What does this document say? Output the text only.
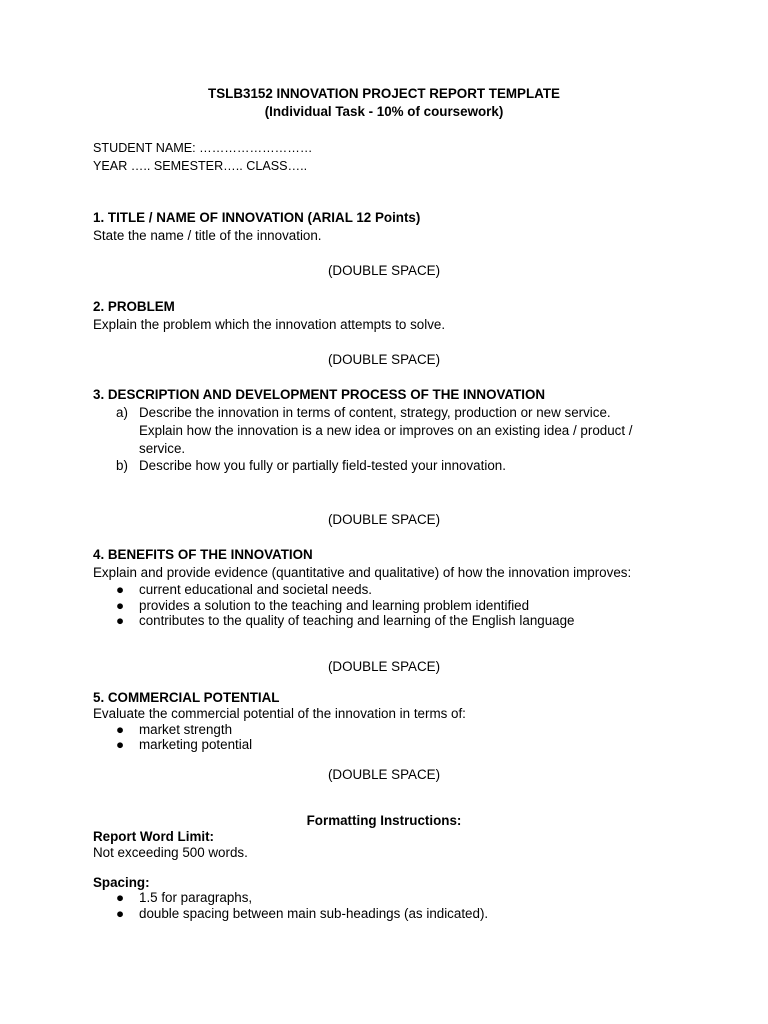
TSLB3152 INNOVATION PROJECT REPORT TEMPLATE
(Individual Task - 10% of coursework)
STUDENT NAME: ………………………
YEAR ….. SEMESTER….. CLASS…..
1. TITLE / NAME OF INNOVATION (ARIAL 12 Points)
State the name / title of the innovation.
(DOUBLE SPACE)
2. PROBLEM
Explain the problem which the innovation attempts to solve.
(DOUBLE SPACE)
3. DESCRIPTION AND DEVELOPMENT PROCESS OF THE INNOVATION
a) Describe the innovation in terms of content, strategy, production or new service.
Explain how the innovation is a new idea or improves on an existing idea / product /
service.
b) Describe how you fully or partially field-tested your innovation.
(DOUBLE SPACE)
4. BENEFITS OF THE INNOVATION
Explain and provide evidence (quantitative and qualitative) of how the innovation improves:
● current educational and societal needs.
● provides a solution to the teaching and learning problem identified
● contributes to the quality of teaching and learning of the English language
(DOUBLE SPACE)
5. COMMERCIAL POTENTIAL
Evaluate the commercial potential of the innovation in terms of:
● market strength
● marketing potential
(DOUBLE SPACE)
Formatting Instructions:
Report Word Limit:
Not exceeding 500 words.
Spacing:
● 1.5 for paragraphs,
● double spacing between main sub-headings (as indicated).
